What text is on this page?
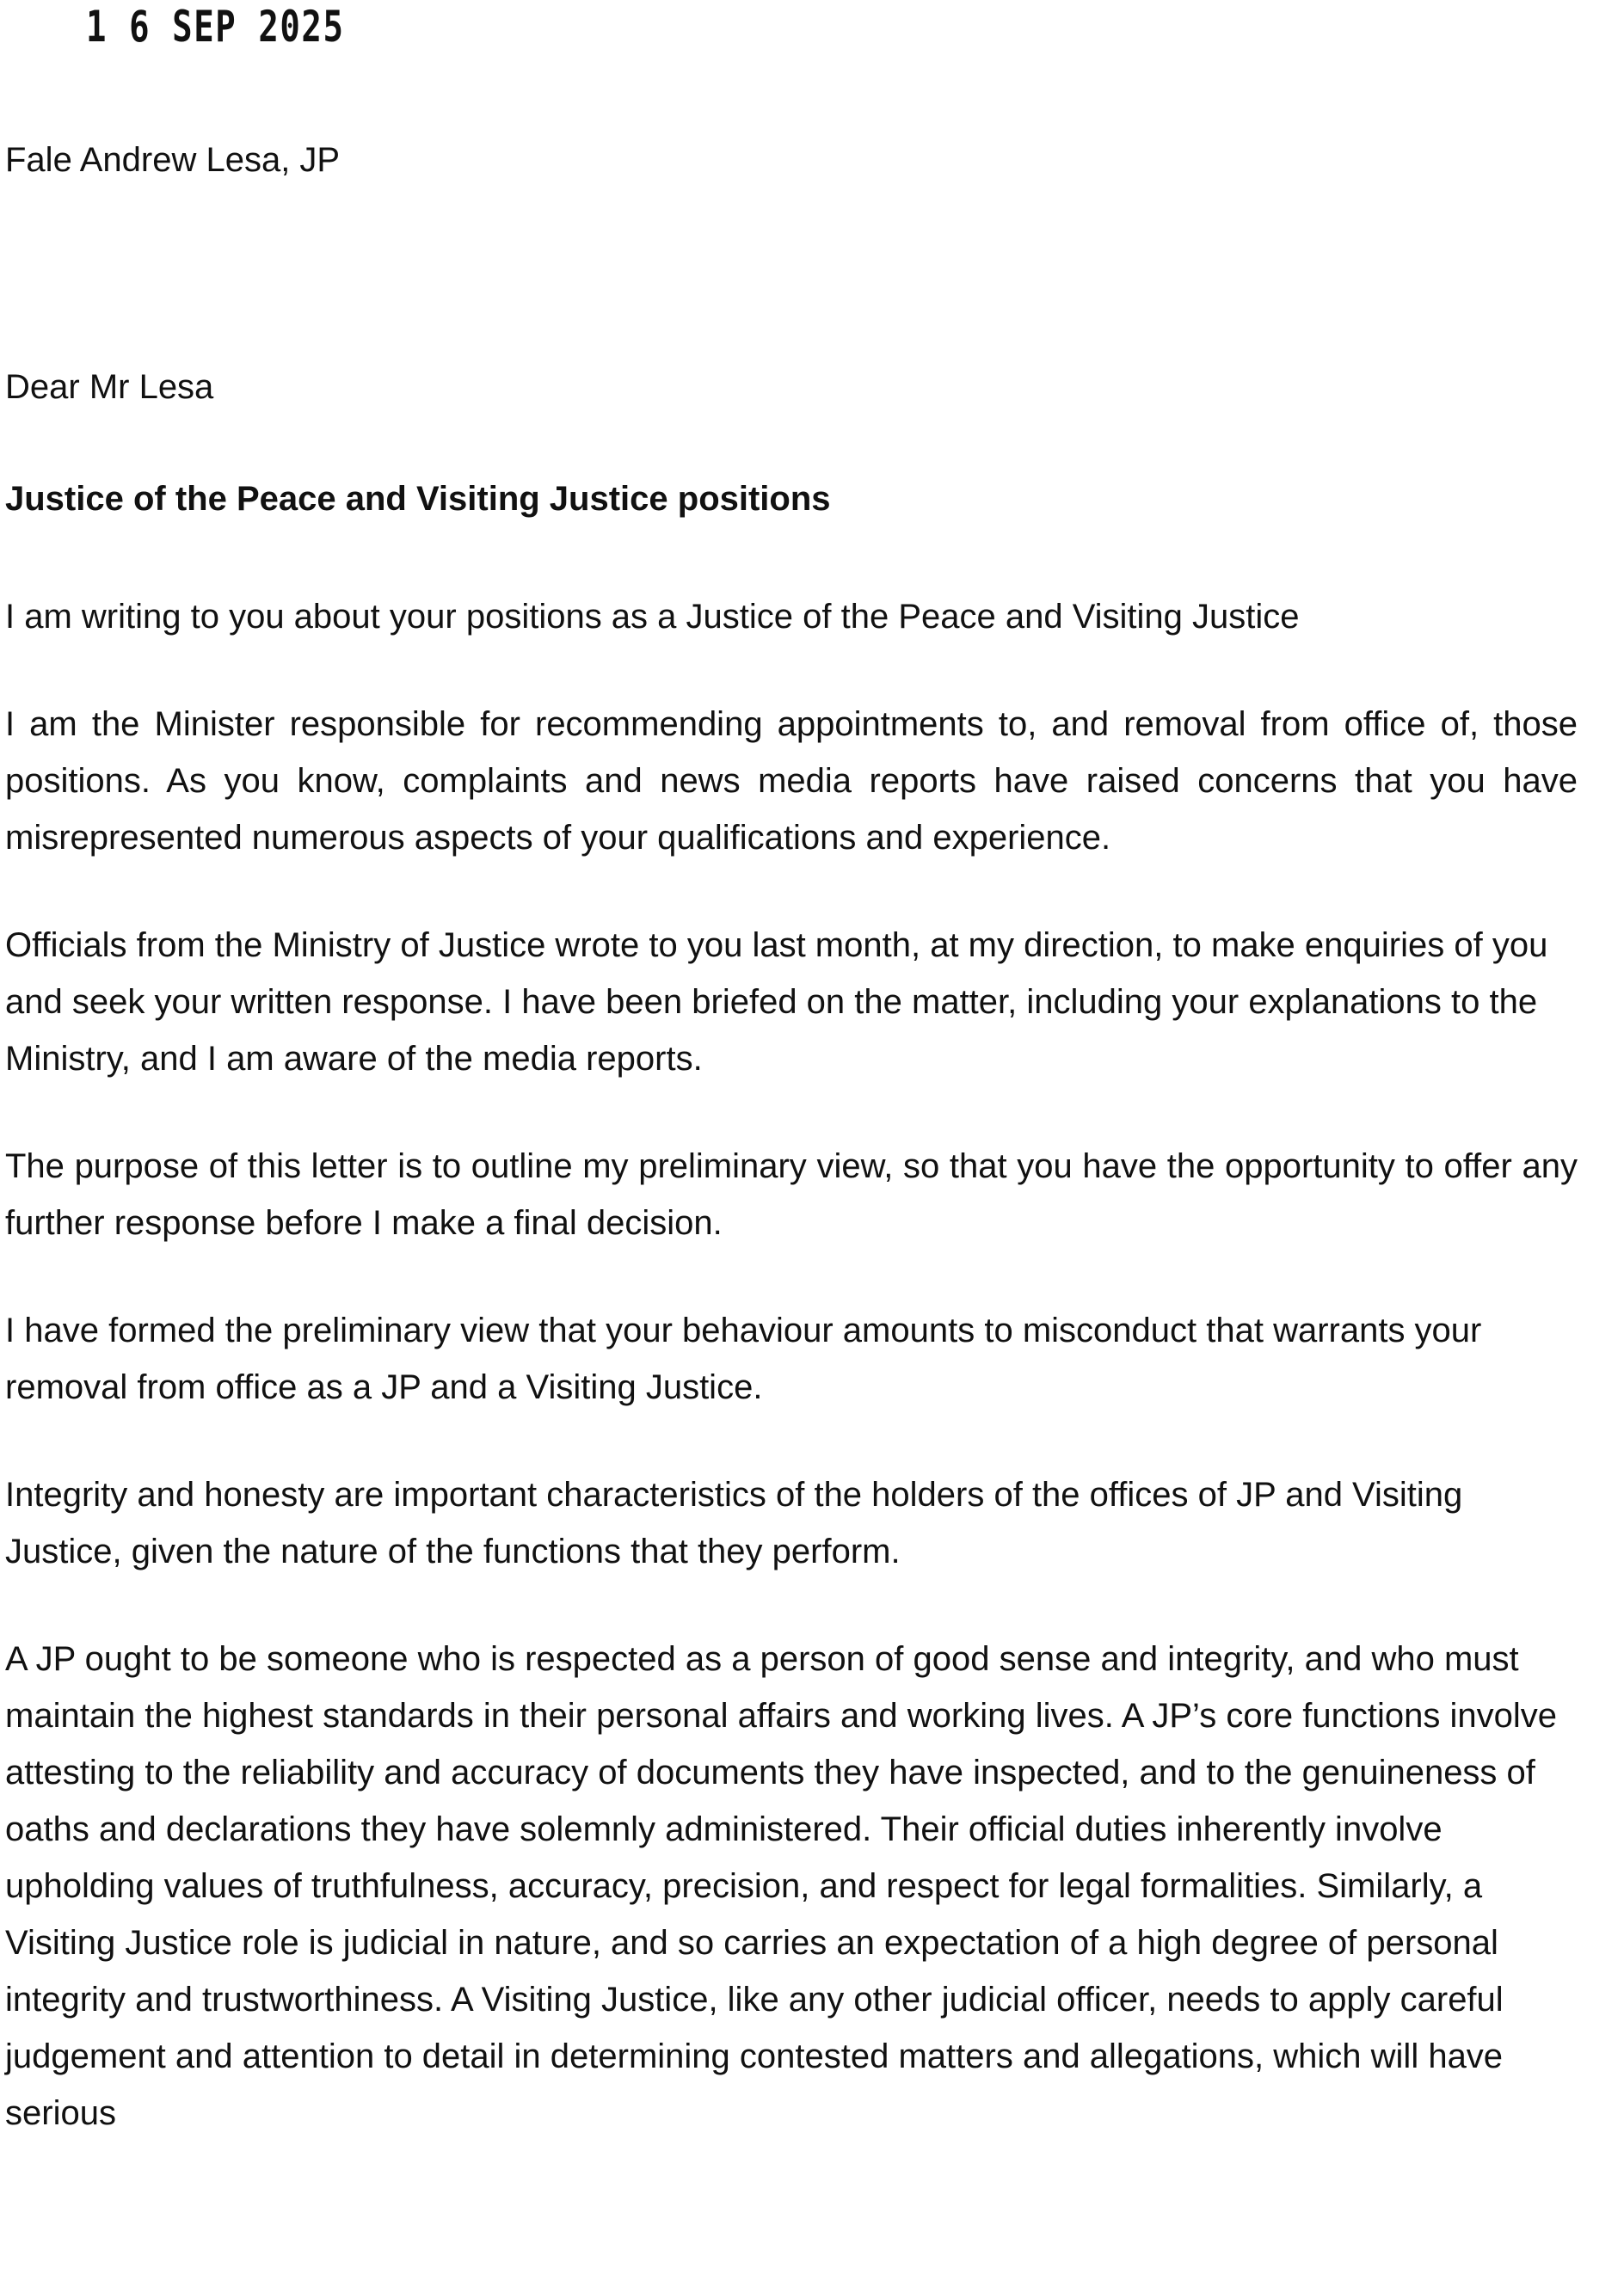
1 6 SEP 2025
Fale Andrew Lesa, JP
Dear Mr Lesa
Justice of the Peace and Visiting Justice positions

I am writing to you about your positions as a Justice of the Peace and Visiting Justice

I am the Minister responsible for recommending appointments to, and removal from office of, those positions. As you know, complaints and news media reports have raised concerns that you have misrepresented numerous aspects of your qualifications and experience.

Officials from the Ministry of Justice wrote to you last month, at my direction, to make enquiries of you and seek your written response. I have been briefed on the matter, including your explanations to the Ministry, and I am aware of the media reports.

The purpose of this letter is to outline my preliminary view, so that you have the opportunity to offer any further response before I make a final decision.

I have formed the preliminary view that your behaviour amounts to misconduct that warrants your removal from office as a JP and a Visiting Justice.

Integrity and honesty are important characteristics of the holders of the offices of JP and Visiting Justice, given the nature of the functions that they perform.

A JP ought to be someone who is respected as a person of good sense and integrity, and who must maintain the highest standards in their personal affairs and working lives. A JP’s core functions involve attesting to the reliability and accuracy of documents they have inspected, and to the genuineness of oaths and declarations they have solemnly administered. Their official duties inherently involve upholding values of truthfulness, accuracy, precision, and respect for legal formalities. Similarly, a Visiting Justice role is judicial in nature, and so carries an expectation of a high degree of personal integrity and trustworthiness. A Visiting Justice, like any other judicial officer, needs to apply careful judgement and attention to detail in determining contested matters and allegations, which will have serious
